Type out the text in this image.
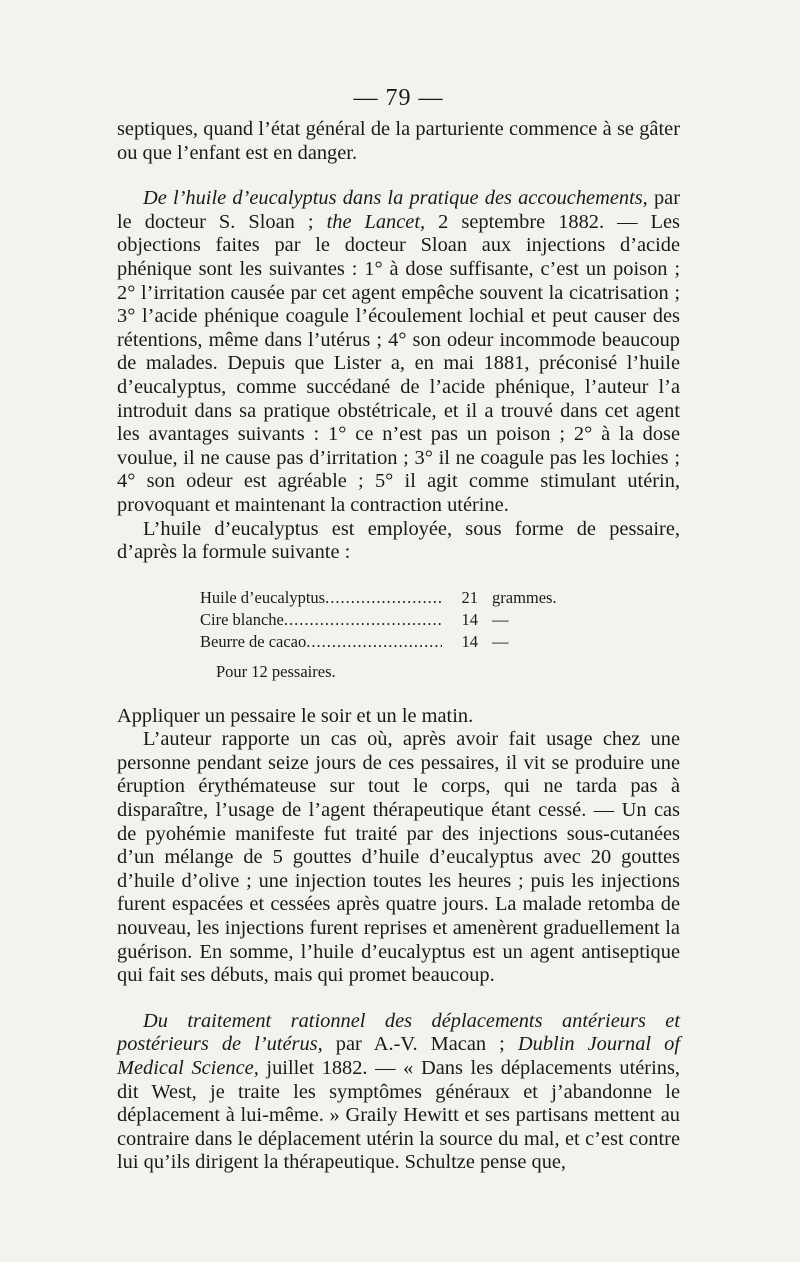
— 79 —

septiques, quand l’état général de la parturiente commence à se gâter ou que l’enfant est en danger.

De l’huile d’eucalyptus dans la pratique des accouchements, par le docteur S. Sloan ; the Lancet, 2 septembre 1882. — Les objections faites par le docteur Sloan aux injections d’acide phénique sont les suivantes : 1° à dose suffisante, c’est un poison ; 2° l’irritation causée par cet agent empêche souvent la cicatrisation ; 3° l’acide phénique coagule l’écoulement lochial et peut causer des rétentions, même dans l’utérus ; 4° son odeur incommode beaucoup de malades. Depuis que Lister a, en mai 1881, préconisé l’huile d’eucalyptus, comme succédané de l’acide phénique, l’auteur l’a introduit dans sa pratique obstétricale, et il a trouvé dans cet agent les avantages suivants : 1° ce n’est pas un poison ; 2° à la dose voulue, il ne cause pas d’irritation ; 3° il ne coagule pas les lochies ; 4° son odeur est agréable ; 5° il agit comme stimulant utérin, provoquant et maintenant la contraction utérine.

L’huile d’eucalyptus est employée, sous forme de pessaire, d’après la formule suivante :

Huile d’eucalyptus .....	21 grammes.
Cire blanche .....	14 —
Beurre de cacao .....	14 —
Pour 12 pessaires.

Appliquer un pessaire le soir et un le matin.

L’auteur rapporte un cas où, après avoir fait usage chez une personne pendant seize jours de ces pessaires, il vit se produire une éruption érythémateuse sur tout le corps, qui ne tarda pas à disparaître, l’usage de l’agent thérapeutique étant cessé. — Un cas de pyohémie manifeste fut traité par des injections sous-cutanées d’un mélange de 5 gouttes d’huile d’eucalyptus avec 20 gouttes d’huile d’olive ; une injection toutes les heures ; puis les injections furent espacées et cessées après quatre jours. La malade retomba de nouveau, les injections furent reprises et amenèrent graduellement la guérison. En somme, l’huile d’eucalyptus est un agent antiseptique qui fait ses débuts, mais qui promet beaucoup.

Du traitement rationnel des déplacements antérieurs et postérieurs de l’utérus, par A.-V. Macan ; Dublin Journal of Medical Science, juillet 1882. — « Dans les déplacements utérins, dit West, je traite les symptômes généraux et j’abandonne le déplacement à lui-même. » Graily Hewitt et ses partisans mettent au contraire dans le déplacement utérin la source du mal, et c’est contre lui qu’ils dirigent la thérapeutique. Schultze pense que,
